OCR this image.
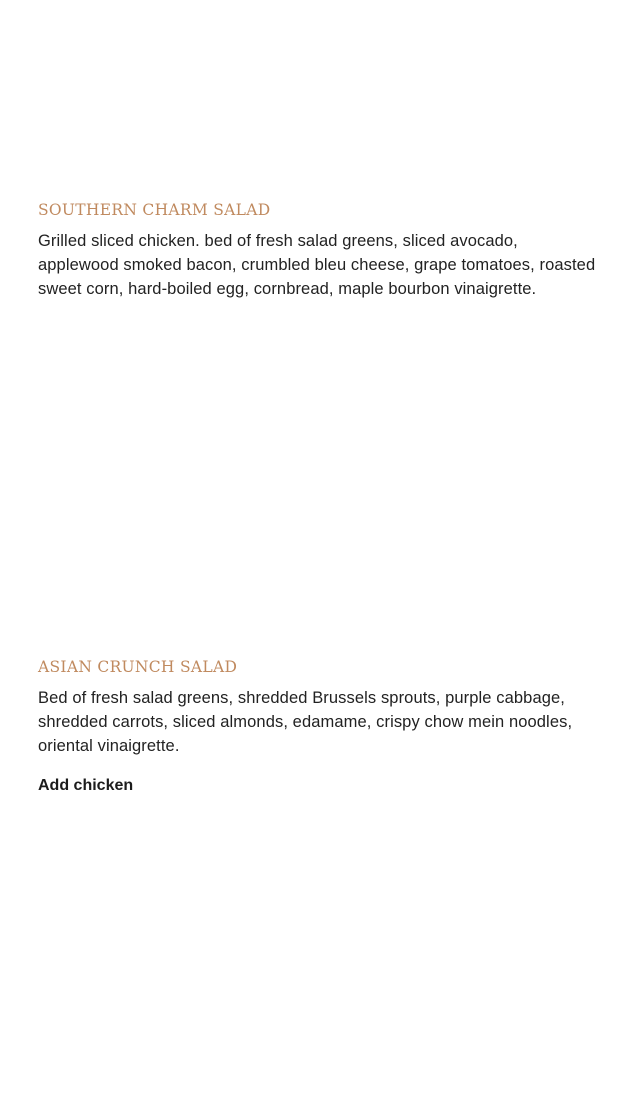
SOUTHERN CHARM SALAD

Grilled sliced chicken. bed of fresh salad greens, sliced avocado, applewood smoked bacon, crumbled bleu cheese, grape tomatoes, roasted sweet corn, hard-boiled egg, cornbread, maple bourbon vinaigrette.

ASIAN CRUNCH SALAD

Bed of fresh salad greens, shredded Brussels sprouts, purple cabbage, shredded carrots, sliced almonds, edamame, crispy chow mein noodles, oriental vinaigrette.

Add chicken
